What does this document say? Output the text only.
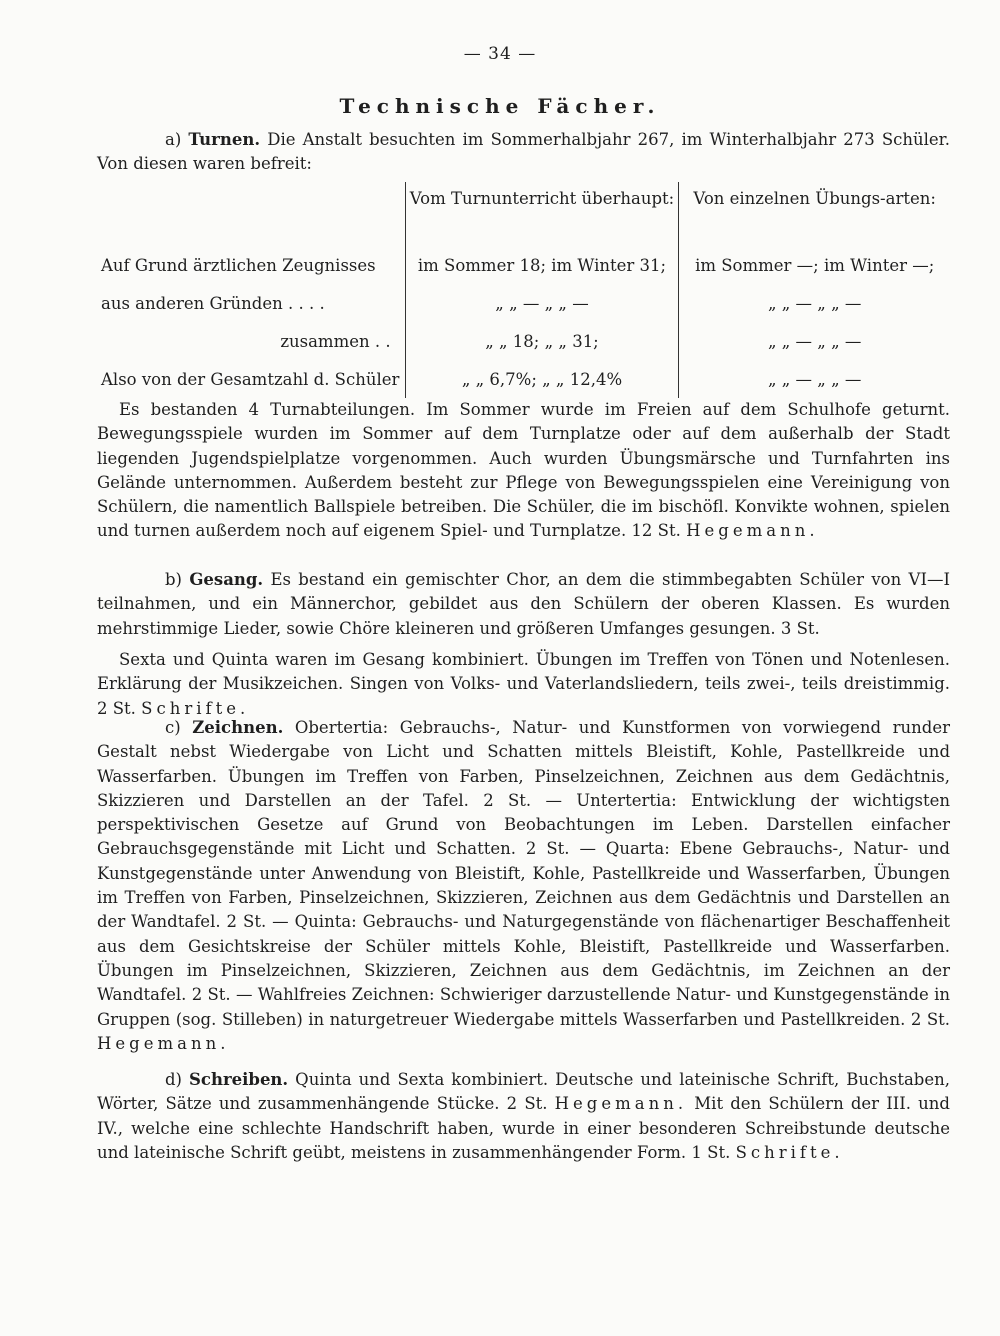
— 34 —
Technische Fächer.
a) Turnen. Die Anstalt besuchten im Sommerhalbjahr 267, im Winterhalbjahr 273 Schüler. Von diesen waren befreit:
	Vom Turnunterricht überhaupt:	Von einzelnen Übungs-arten:
Auf Grund ärztlichen Zeugnisses	im Sommer 18; im Winter 31;	im Sommer —; im Winter —;
aus anderen Gründen . . . .	„ „ — „ „ —	„ „ — „ „ —
zusammen . .	„ „ 18; „ „ 31;	„ „ — „ „ —
Also von der Gesamtzahl d. Schüler	„ „ 6,7%; „ „ 12,4%	„ „ — „ „ —
Es bestanden 4 Turnabteilungen. Im Sommer wurde im Freien auf dem Schulhofe geturnt. Bewegungsspiele wurden im Sommer auf dem Turnplatze oder auf dem außerhalb der Stadt liegenden Jugendspielplatze vorgenommen. Auch wurden Übungsmärsche und Turnfahrten ins Gelände unternommen. Außerdem besteht zur Pflege von Bewegungsspielen eine Vereinigung von Schülern, die namentlich Ballspiele betreiben. Die Schüler, die im bischöfl. Konvikte wohnen, spielen und turnen außerdem noch auf eigenem Spiel- und Turnplatze. 12 St. Hegemann.
b) Gesang. Es bestand ein gemischter Chor, an dem die stimmbegabten Schüler von VI—I teilnahmen, und ein Männerchor, gebildet aus den Schülern der oberen Klassen. Es wurden mehrstimmige Lieder, sowie Chöre kleineren und größeren Umfanges gesungen. 3 St.
Sexta und Quinta waren im Gesang kombiniert. Übungen im Treffen von Tönen und Notenlesen. Erklärung der Musikzeichen. Singen von Volks- und Vaterlandsliedern, teils zwei-, teils dreistimmig. 2 St. Schrifte.
c) Zeichnen. Obertertia: Gebrauchs-, Natur- und Kunstformen von vorwiegend runder Gestalt nebst Wiedergabe von Licht und Schatten mittels Bleistift, Kohle, Pastellkreide und Wasserfarben. Übungen im Treffen von Farben, Pinselzeichnen, Zeichnen aus dem Gedächtnis, Skizzieren und Darstellen an der Tafel. 2 St. — Untertertia: Entwicklung der wichtigsten perspektivischen Gesetze auf Grund von Beobachtungen im Leben. Darstellen einfacher Gebrauchsgegenstände mit Licht und Schatten. 2 St. — Quarta: Ebene Gebrauchs-, Natur- und Kunstgegenstände unter Anwendung von Bleistift, Kohle, Pastellkreide und Wasserfarben, Übungen im Treffen von Farben, Pinselzeichnen, Skizzieren, Zeichnen aus dem Gedächtnis und Darstellen an der Wandtafel. 2 St. — Quinta: Gebrauchs- und Naturgegenstände von flächenartiger Beschaffenheit aus dem Gesichtskreise der Schüler mittels Kohle, Bleistift, Pastellkreide und Wasserfarben. Übungen im Pinselzeichnen, Skizzieren, Zeichnen aus dem Gedächtnis, im Zeichnen an der Wandtafel. 2 St. — Wahlfreies Zeichnen: Schwieriger darzustellende Natur- und Kunstgegenstände in Gruppen (sog. Stilleben) in naturgetreuer Wiedergabe mittels Wasserfarben und Pastellkreiden. 2 St. Hegemann.
d) Schreiben. Quinta und Sexta kombiniert. Deutsche und lateinische Schrift, Buchstaben, Wörter, Sätze und zusammenhängende Stücke. 2 St. Hegemann. Mit den Schülern der III. und IV., welche eine schlechte Handschrift haben, wurde in einer besonderen Schreibstunde deutsche und lateinische Schrift geübt, meistens in zusammenhängender Form. 1 St. Schrifte.
